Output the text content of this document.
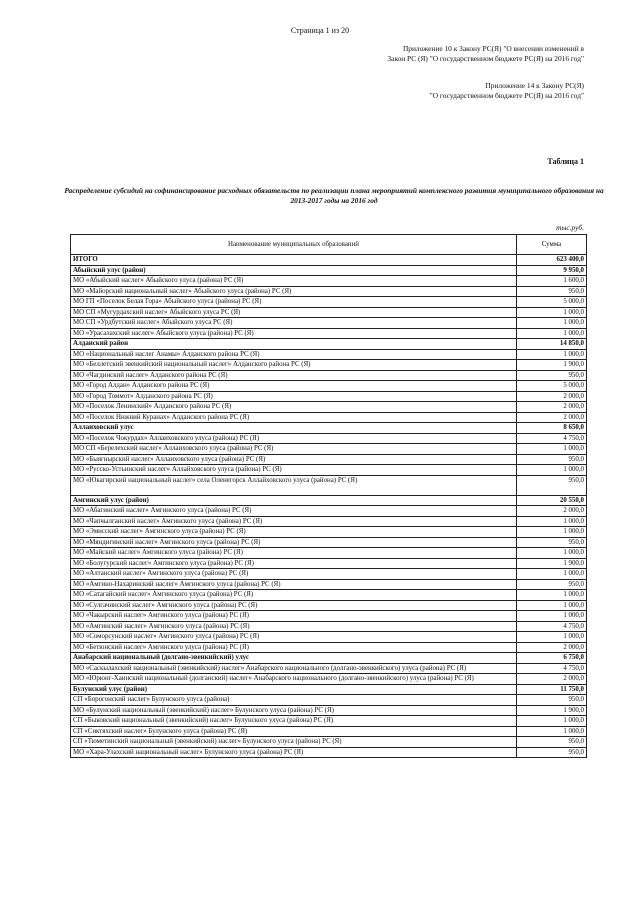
Страница 1 из 20
Приложение 10 к Закону РС(Я) "О внесении изменений в
Закон РС (Я) "О государственном бюджете РС(Я) на 2016 год"
Приложение 14 к Закону РС(Я)
"О государственном бюджете РС(Я) на 2016 год"
Таблица 1
Распределение субсидий на софинансирование расходных обязательств по реализации плана мероприятий комплексного развития муниципального образования на 2013-2017 годы на 2016 год
тыс.руб.
Наименование муниципальных образований	Сумма
ИТОГО	623 400,0
Абыйский улус (район)	9 950,0
МО «Абыйский наслег» Абыйского улуса (района) РС (Я)	1 600,0
МО «Майорский национальный наслег» Абыйского улуса (района) РС (Я)	950,0
МО ГП «Поселок Белая Гора» Абыйского улуса (района) РС (Я)	5 000,0
МО СП «Мугурдахский наслег» Абыйского улуса РС (Я)	1 000,0
МО СП «Урдбутский наслег» Абыйского улуса РС (Я)	1 000,0
МО «Урасалахский наслег» Абыйского улуса (района) РС (Я)	1 000,0
Алданский район	14 850,0
МО «Национальный наслег Анамы» Алданского района РС (Я)	1 000,0
МО «Беллетский эвенкийский национальный наслег» Алданского района РС (Я)	1 900,0
МО «Чагдинский наслег» Алданского района РС (Я)	950,0
МО «Город Алдан» Алданского района РС (Я)	5 000,0
МО «Город Томмот» Алданского района РС (Я)	2 000,0
МО «Поселок Ленинский» Алданского района РС (Я)	2 000,0
МО «Поселок Нижний Куранах» Алданского района РС (Я)	2 000,0
Аллаиховский улус	8 650,0
МО «Поселок Чокурдах» Аллаиховского улуса (района) РС (Я)	4 750,0
МО СП «Берелехский наслег» Аллаиховского улуса (района) РС (Я)	1 000,0
МО «Быягнырский наслег» Аллаиховского улуса (района) РС (Я)	950,0
МО «Русско-Устьинский наслег» Аллайховского улуса (района) РС (Я)	1 000,0
МО «Юкагирский национальный наслег» села Оленегорск Аллайховского улуса (района) РС (Я)	950,0
Амгинский улус (район)	20 550,0
МО «Абагинский наслег» Амгинского улуса (района) РС (Я)	2 000,0
МО «Чапчылганский наслег» Амгинского улуса (района) РС (Я)	1 000,0
МО «Эмисский наслег» Амгинского улуса (района) РС (Я)	1 000,0
МО «Мяндигинский наслег» Амгинского улуса (района) РС (Я)	950,0
МО «Майский наслег» Амгинского улуса (района) РС (Я)	1 000,0
МО «Болугурский наслег» Амгинского улуса (района) РС (Я)	1 900,0
МО «Алтанский наслег» Амгинского улуса (района) РС (Я)	1 000,0
МО «Амгино-Нахаринский наслег» Амгинского улуса (района) РС (Я)	950,0
МО «Сатагайский наслег» Амгинского улуса (района) РС (Я)	1 000,0
МО «Сулгачинский наслег» Амгинского улуса (района) РС (Я)	1 000,0
МО «Чакырский наслег» Амгинского улуса (района) РС (Я)	1 000,0
МО «Амгинский наслег» Амгинского улуса (района) РС (Я)	4 750,0
МО «Соморсунский наслег» Амгинского улуса (района) РС (Я)	1 000,0
МО «Бетюнский наслег» Амгинского улуса (района) РС (Я)	2 000,0
Анабарский национальный (долгано-эвенкийский) улус	6 750,0
МО «Саскылахский национальный (эвенкийский) наслег» Анабарского национального (долгано-эвенкийского) улуса (района) РС (Я)	4 750,0
МО «Юрюнг-Хаинский национальный (долганский) наслег» Анабарского национального (долгано-эвенкийского) улуса (района) РС (Я)	2 000,0
Булунский улус (район)	11 750,0
СП «Борогонский наслег» Булунского улуса (района)	950,0
МО «Булунский национальный (эвенкийский) наслег» Булунского улуса (района) РС (Я)	1 900,0
СП «Быковский национальный (эвенкийский) наслег» Булунского улуса (района) РС (Я)	1 000,0
СП «Сиктяхский наслег» Булунского улуса (района) РС (Я)	1 000,0
СП «Тюметинский национальный (эвенкийский) наслег» Булунского улуса (района) РС (Я)	950,0
МО «Хара-Улахский национальный наслег» Булунского улуса (района) РС (Я)	950,0
